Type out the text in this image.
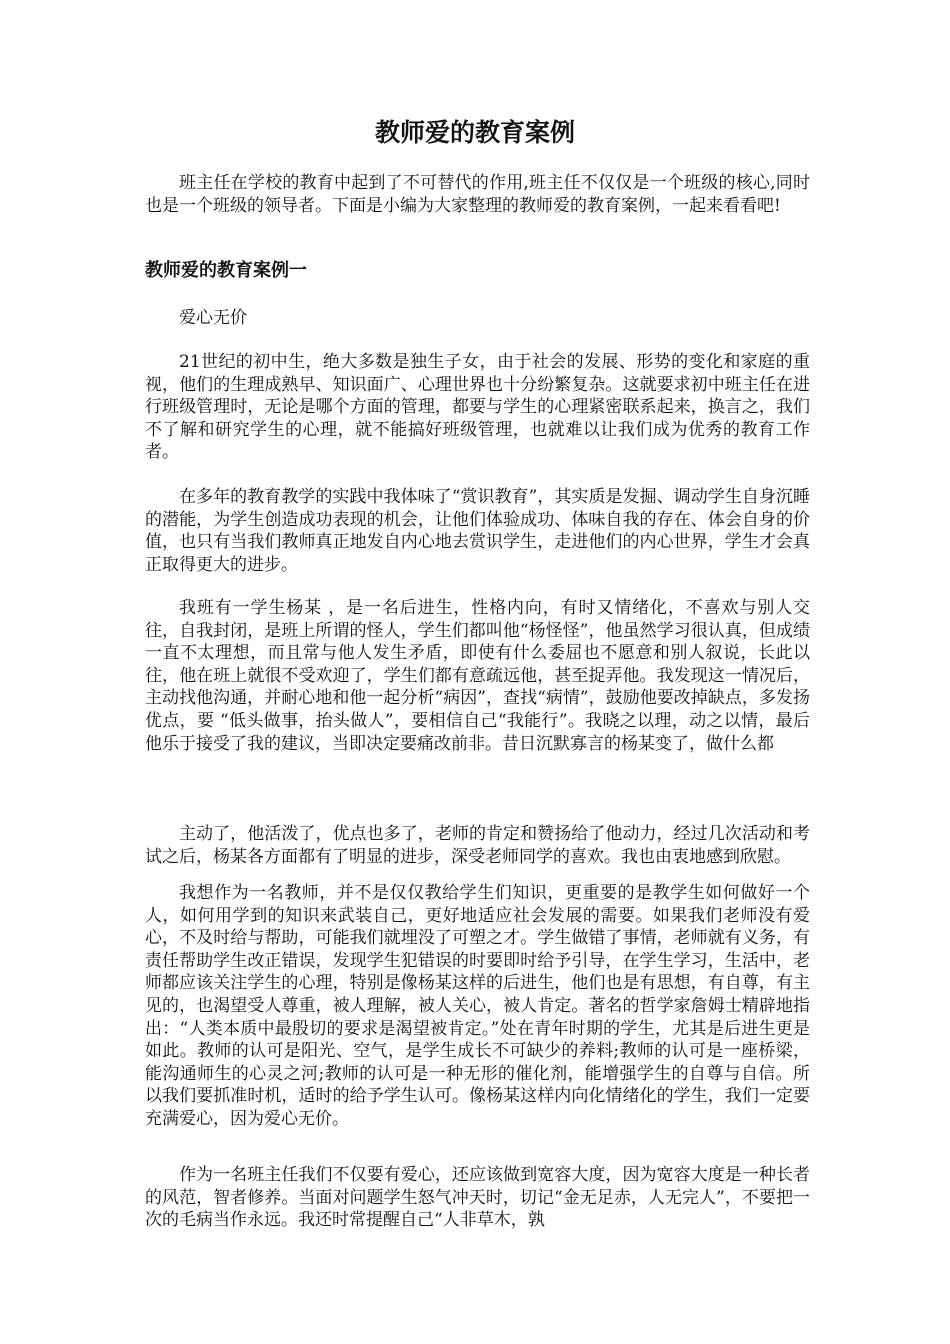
教师爱的教育案例

班主任在学校的教育中起到了不可替代的作用,班主任不仅仅是一个班级的核心,同时也是一个班级的领导者。下面是小编为大家整理的教师爱的教育案例，一起来看看吧!

教师爱的教育案例一

爱心无价

21世纪的初中生，绝大多数是独生子女，由于社会的发展、形势的变化和家庭的重视，他们的生理成熟早、知识面广、心理世界也十分纷繁复杂。这就要求初中班主任在进行班级管理时，无论是哪个方面的管理，都要与学生的心理紧密联系起来，换言之，我们不了解和研究学生的心理，就不能搞好班级管理，也就难以让我们成为优秀的教育工作者。

在多年的教育教学的实践中我体味了“赏识教育”，其实质是发掘、调动学生自身沉睡的潜能，为学生创造成功表现的机会，让他们体验成功、体味自我的存在、体会自身的价值，也只有当我们教师真正地发自内心地去赏识学生，走进他们的内心世界，学生才会真正取得更大的进步。

我班有一学生杨某 ，是一名后进生，性格内向，有时又情绪化，不喜欢与别人交往，自我封闭，是班上所谓的怪人，学生们都叫他“杨怪怪”，他虽然学习很认真，但成绩一直不太理想，而且常与他人发生矛盾，即使有什么委屈也不愿意和别人叙说，长此以往，他在班上就很不受欢迎了，学生们都有意疏远他，甚至捉弄他。我发现这一情况后，主动找他沟通，并耐心地和他一起分析“病因”，查找“病情”，鼓励他要改掉缺点，多发扬优点，要 “低头做事，抬头做人”，要相信自己“我能行”。我晓之以理，动之以情，最后他乐于接受了我的建议，当即决定要痛改前非。昔日沉默寡言的杨某变了，做什么都

主动了，他活泼了，优点也多了，老师的肯定和赞扬给了他动力，经过几次活动和考试之后，杨某各方面都有了明显的进步，深受老师同学的喜欢。我也由衷地感到欣慰。

我想作为一名教师，并不是仅仅教给学生们知识，更重要的是教学生如何做好一个人，如何用学到的知识来武装自己，更好地适应社会发展的需要。如果我们老师没有爱心，不及时给与帮助，可能我们就埋没了可塑之才。学生做错了事情，老师就有义务，有责任帮助学生改正错误，发现学生犯错误的时要即时给予引导，在学生学习，生活中，老师都应该关注学生的心理，特别是像杨某这样的后进生，他们也是有思想，有自尊，有主见的，也渴望受人尊重，被人理解，被人关心，被人肯定。著名的哲学家詹姆士精辟地指出：“人类本质中最殷切的要求是渴望被肯定。”处在青年时期的学生，尤其是后进生更是如此。教师的认可是阳光、空气，是学生成长不可缺少的养料;教师的认可是一座桥梁，能沟通师生的心灵之河;教师的认可是一种无形的催化剂，能增强学生的自尊与自信。所以我们要抓准时机，适时的给予学生认可。像杨某这样内向化情绪化的学生，我们一定要充满爱心，因为爱心无价。

作为一名班主任我们不仅要有爱心，还应该做到宽容大度，因为宽容大度是一种长者的风范，智者修养。当面对问题学生怒气冲天时，切记“金无足赤，人无完人”，不要把一次的毛病当作永远。我还时常提醒自己“人非草木，孰
